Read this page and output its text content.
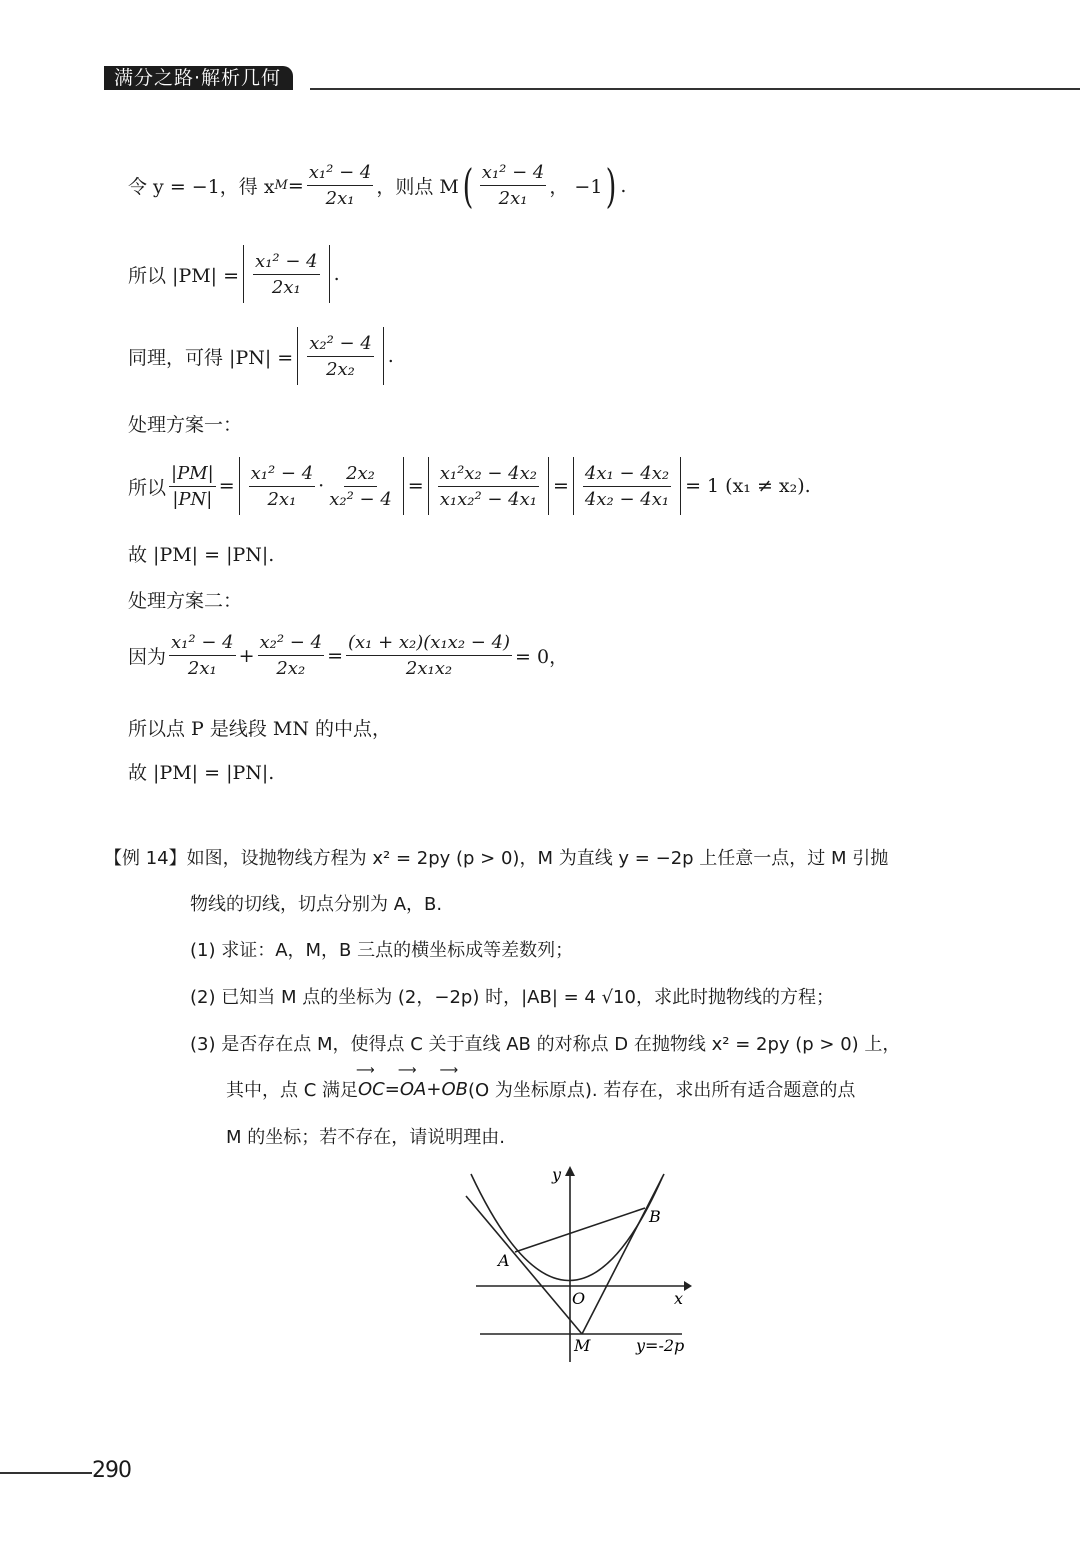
满分之路·解析几何
令 y = −1，得 x $M = \frac{\text{x₁² − 4}}{\text{2x₁}}$ ，则点 M ( $\frac{\text{x₁² − 4}}{\text{2x₁}}$ ， −1 ) .
所以 $|PM| = \frac{\text{x₁² − 4}}{\text{2x₁}}$ .
同理，可得 $|PN| = \frac{\text{x₂² − 4}}{\text{2x₂}}$ .
处理方案一：
所以 $\frac{|PM|}{|PN|} = \frac{\text{x₁² − 4}}{\text{2x₁}} \cdot \frac{\text{2x₂}}{\text{x₂² − 4}} = \frac{\text{x₁²x₂ − 4x₂}}{\text{x₁x₂² − 4x₁}} = \frac{\text{4x₁ − 4x₂}}{\text{4x₂ − 4x₁}} = 1$ (x₁ ≠ x₂).
故 |PM| = |PN|.
处理方案二：
因为 $\frac{\text{x₁² − 4}}{\text{2x₁}} + \frac{\text{x₂² − 4}}{\text{2x₂}} = \frac{\text{(x₁ + x₂)(x₁x₂ − 4)}}{\text{2x₁x₂}} = 0$，
所以点 P 是线段 MN 的中点，
故 |PM| = |PN|.
【例 14】 如图，设抛物线方程为 x² = 2py (p > 0)，M 为直线 y = −2p 上任意一点，过 M 引抛
物线的切线，切点分别为 A，B.
(1) 求证：A，M，B 三点的横坐标成等差数列；
(2) 已知当 M 点的坐标为 (2，−2p) 时，|AB| = 4 √10，求此时抛物线的方程；
(3) 是否存在点 M，使得点 C 关于直线 AB 的对称点 D 在抛物线 x² = 2py (p > 0) 上，
其中，点 C 满足 ⟶ OC = ⟶ OA + ⟶ OB (O 为坐标原点). 若存在，求出所有适合题意的点
M 的坐标；若不存在，请说明理由.
y
x
O
A
B
M	y=-2p
290
